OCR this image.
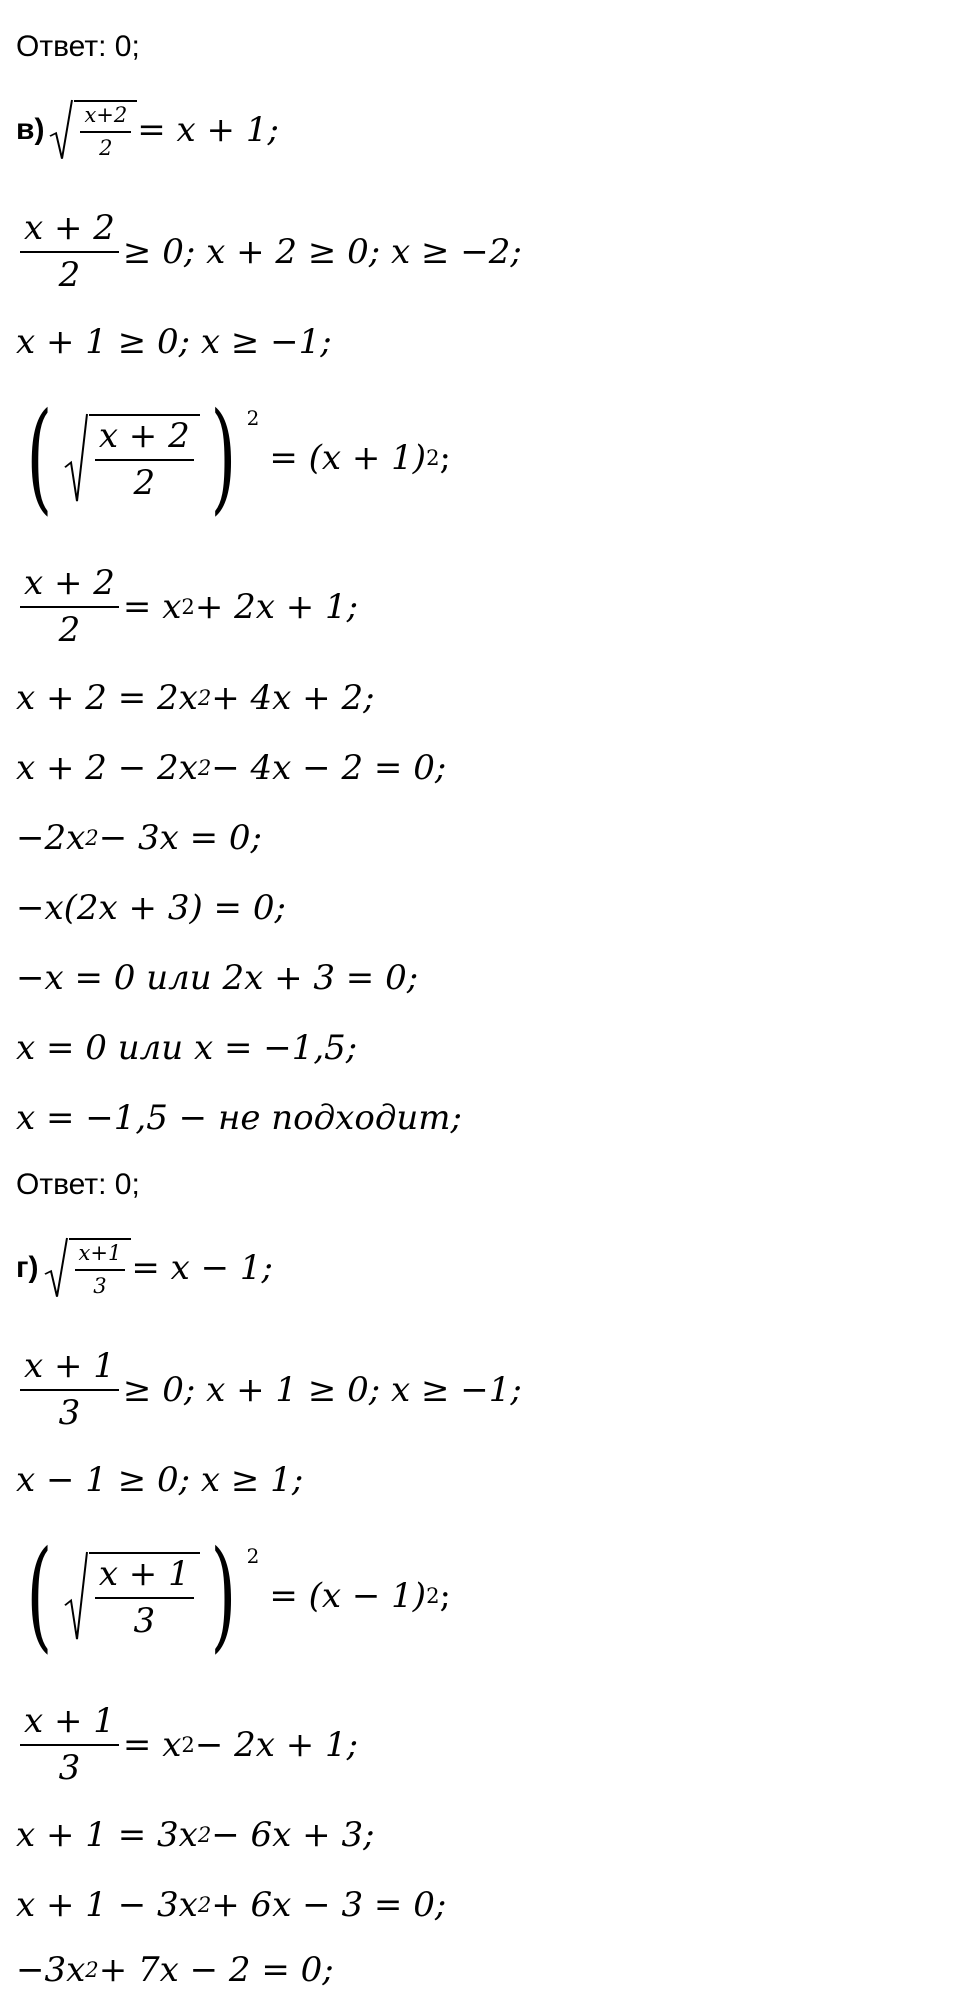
Ответ: 0;
$в) \frac{x+2}{2} = x + 1$;
$\frac{x + 2}{2} \ge 0$; x + 2 ≥ 0; x ≥ −2;
x + 1 ≥ 0; x ≥ −1;
( $\frac{x + 2}{2}$ ) 2
= (x + 1) 2 ;
$\frac{x + 2}{2} = x$ 2 + 2x + 1;
x + 2 = 2x 2 + 4x + 2;
x + 2 − 2x 2 − 4x − 2 = 0;
−2x 2 − 3x = 0;
−x(2x + 3) = 0;
−x = 0 или 2x + 3 = 0;
x = 0 или x = −1,5;
x = −1,5 − не подходит;
Ответ: 0;
$г) \frac{x+1}{3} = x - 1$;
$\frac{x + 1}{3} \ge 0$; x + 1 ≥ 0; x ≥ −1;
x − 1 ≥ 0; x ≥ 1;
( $\frac{x + 1}{3}$ ) 2
= (x − 1) 2 ;
$\frac{x + 1}{3} = x$ 2 − 2x + 1;
x + 1 = 3x 2 − 6x + 3;
x + 1 − 3x 2 + 6x − 3 = 0;
−3x 2 + 7x − 2 = 0;
